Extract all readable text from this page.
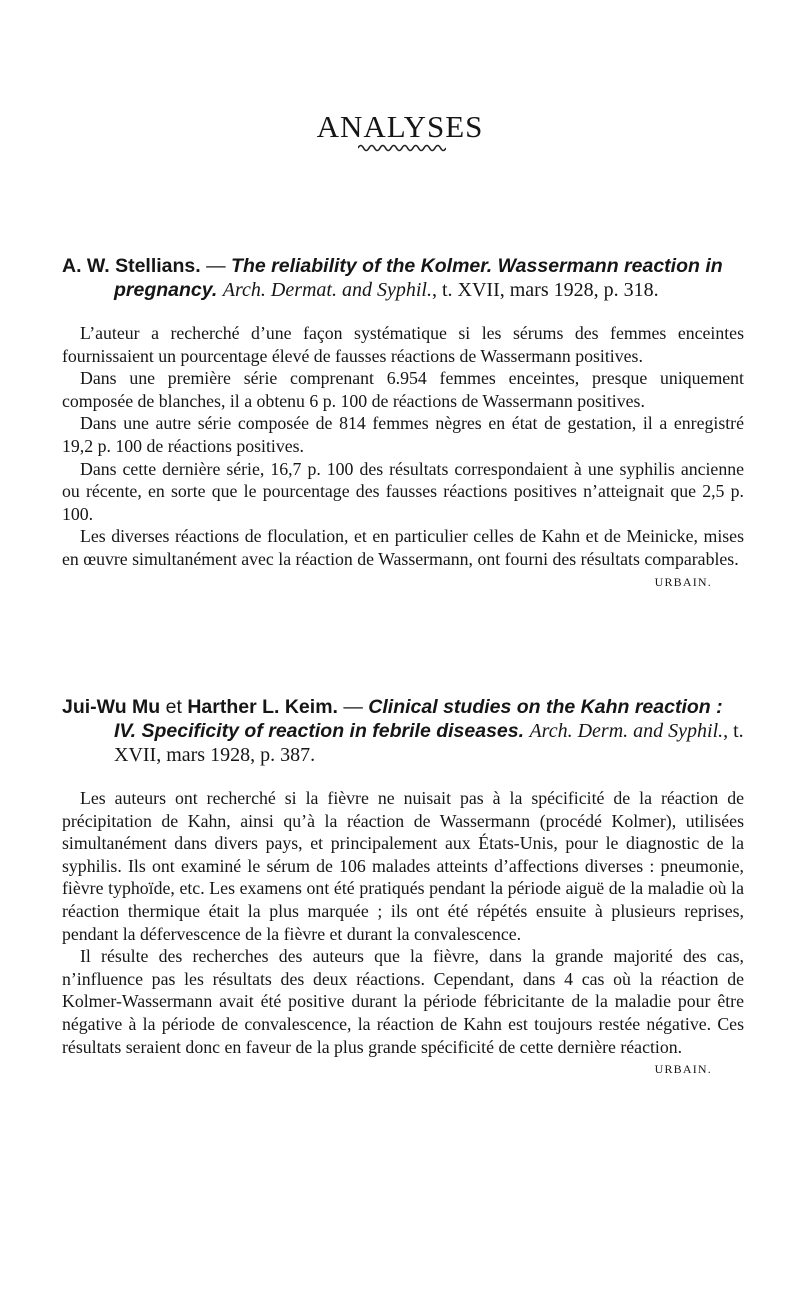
ANALYSES

A. W. Stellians. — The reliability of the Kolmer. Wassermann reaction in pregnancy. Arch. Dermat. and Syphil., t. XVII, mars 1928, p. 318.

L’auteur a recherché d’une façon systématique si les sérums des femmes enceintes fournissaient un pourcentage élevé de fausses réactions de Wassermann positives.

Dans une première série comprenant 6.954 femmes enceintes, presque uniquement composée de blanches, il a obtenu 6 p. 100 de réactions de Wassermann positives.

Dans une autre série composée de 814 femmes nègres en état de gestation, il a enregistré 19,2 p. 100 de réactions positives.

Dans cette dernière série, 16,7 p. 100 des résultats correspondaient à une syphilis ancienne ou récente, en sorte que le pourcentage des fausses réactions positives n’atteignait que 2,5 p. 100.

Les diverses réactions de floculation, et en particulier celles de Kahn et de Meinicke, mises en œuvre simultanément avec la réaction de Wassermann, ont fourni des résultats comparables.
URBAIN.

Jui-Wu Mu et Harther L. Keim. — Clinical studies on the Kahn reaction : IV. Specificity of reaction in febrile diseases. Arch. Derm. and Syphil., t. XVII, mars 1928, p. 387.

Les auteurs ont recherché si la fièvre ne nuisait pas à la spécificité de la réaction de précipitation de Kahn, ainsi qu’à la réaction de Wassermann (procédé Kolmer), utilisées simultanément dans divers pays, et principalement aux États-Unis, pour le diagnostic de la syphilis. Ils ont examiné le sérum de 106 malades atteints d’affections diverses : pneumonie, fièvre typhoïde, etc. Les examens ont été pratiqués pendant la période aiguë de la maladie où la réaction thermique était la plus marquée ; ils ont été répétés ensuite à plusieurs reprises, pendant la défervescence de la fièvre et durant la convalescence.

Il résulte des recherches des auteurs que la fièvre, dans la grande majorité des cas, n’influence pas les résultats des deux réactions. Cependant, dans 4 cas où la réaction de Kolmer-Wassermann avait été positive durant la période fébricitante de la maladie pour être négative à la période de convalescence, la réaction de Kahn est toujours restée négative. Ces résultats seraient donc en faveur de la plus grande spécificité de cette dernière réaction.
URBAIN.
